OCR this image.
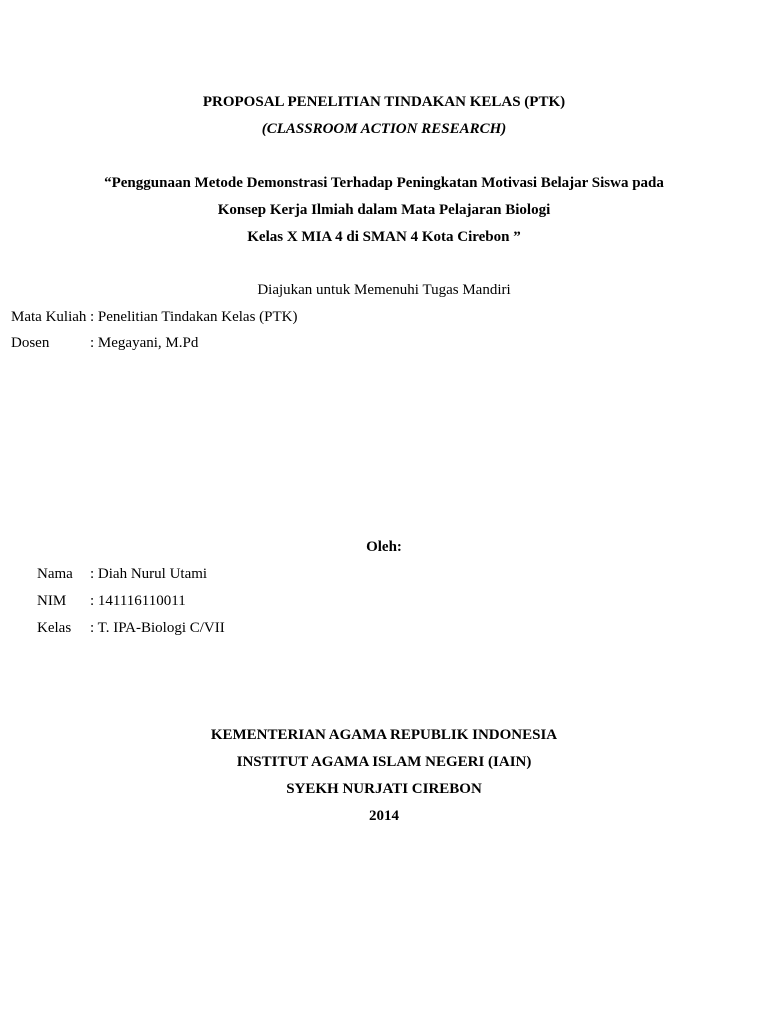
PROPOSAL PENELITIAN TINDAKAN KELAS (PTK)
(CLASSROOM ACTION RESEARCH)
“Penggunaan Metode Demonstrasi Terhadap Peningkatan Motivasi Belajar Siswa pada
Konsep Kerja Ilmiah dalam Mata Pelajaran Biologi
Kelas X MIA 4 di SMAN 4 Kota Cirebon ”
Diajukan untuk Memenuhi Tugas Mandiri
Mata Kuliah : Penelitian Tindakan Kelas (PTK)
Dosen	: Megayani, M.Pd
Oleh:
Nama : Diah Nurul Utami
NIM : 141116110011
Kelas : T. IPA-Biologi C/VII
KEMENTERIAN AGAMA REPUBLIK INDONESIA
INSTITUT AGAMA ISLAM NEGERI (IAIN)
SYEKH NURJATI CIREBON
2014
